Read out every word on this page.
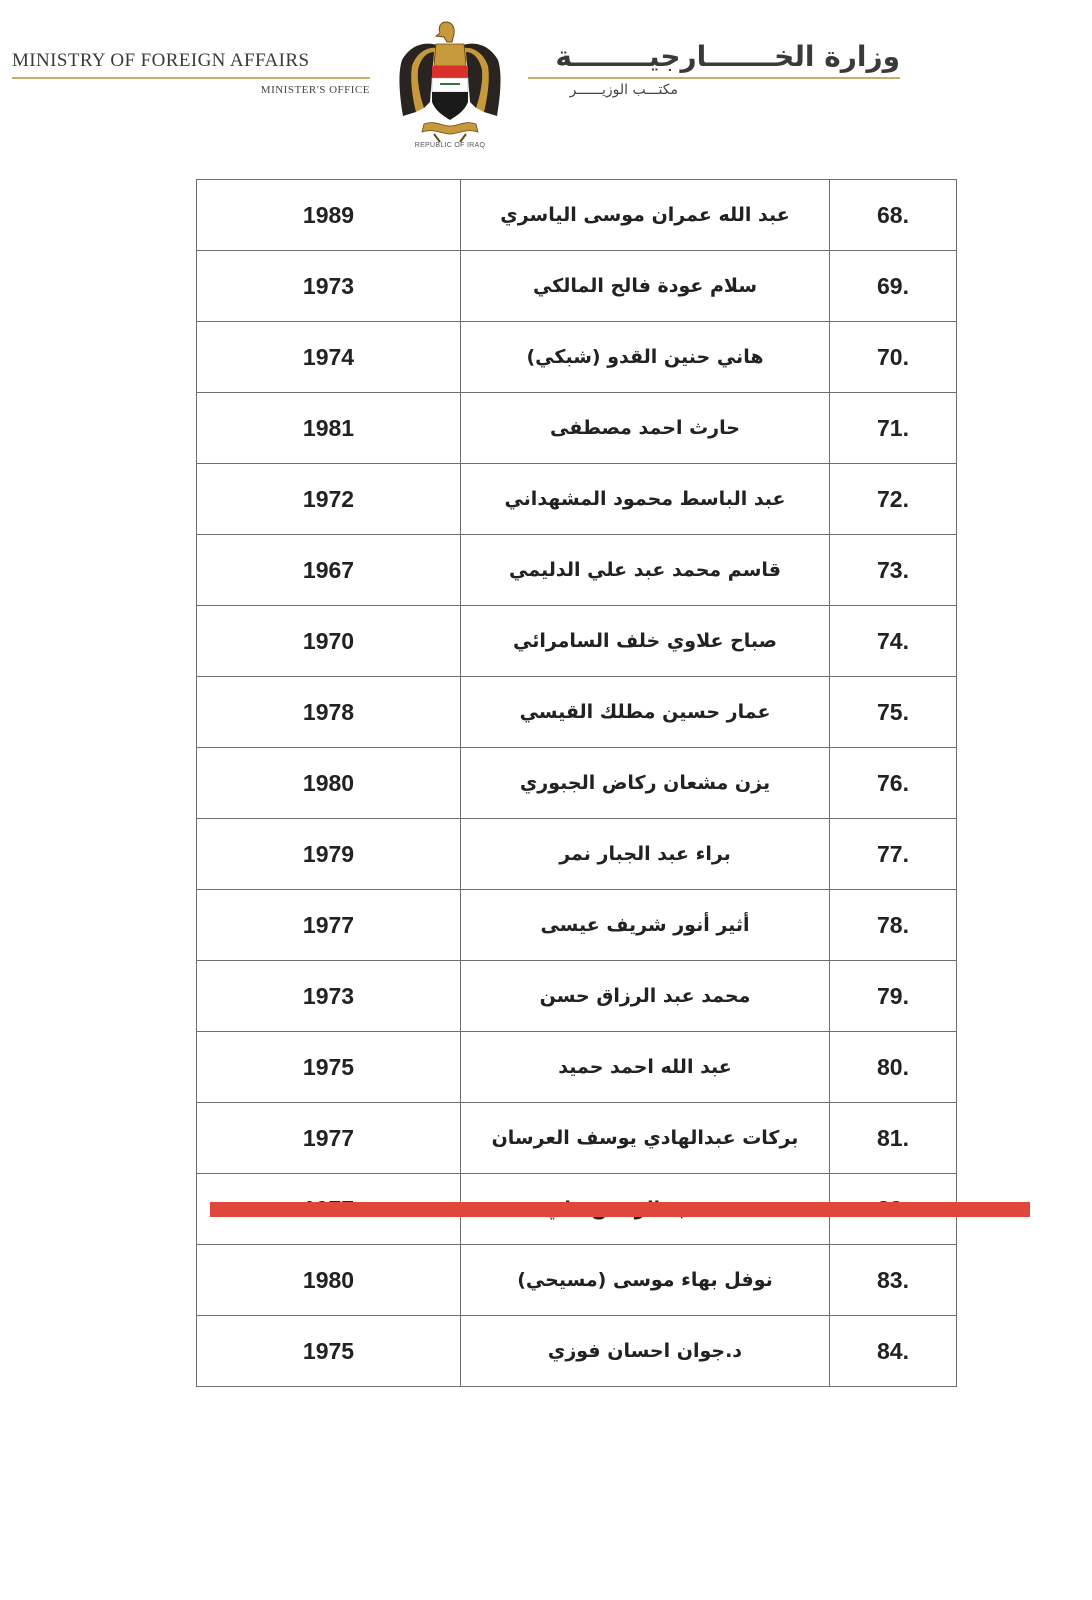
MINISTRY OF FOREIGN AFFAIRS
MINISTER'S OFFICE
وزارة الخـــــــارجيــــــــة
مكتـــب الوزيــــــر
REPUBLIC OF IRAQ
1989	عبد الله عمران موسى الياسري	68.
1973	سلام عودة فالح المالكي	69.
1974	هاني حنين القدو (شبكي)	70.
1981	حارث احمد مصطفى	71.
1972	عبد الباسط محمود المشهداني	72.
1967	قاسم محمد عبد علي الدليمي	73.
1970	صباح علاوي خلف السامرائي	74.
1978	عمار حسين مطلك القيسي	75.
1980	يزن مشعان ركاض الجبوري	76.
1979	براء عبد الجبار نمر	77.
1977	أثير أنور شريف عيسى	78.
1973	محمد عبد الرزاق حسن	79.
1975	عبد الله احمد حميد	80.
1977	بركات عبدالهادي يوسف العرسان	81.

1980	نوفل بهاء موسى (مسيحي)	83.
1975	د.جوان احسان فوزي	84.
